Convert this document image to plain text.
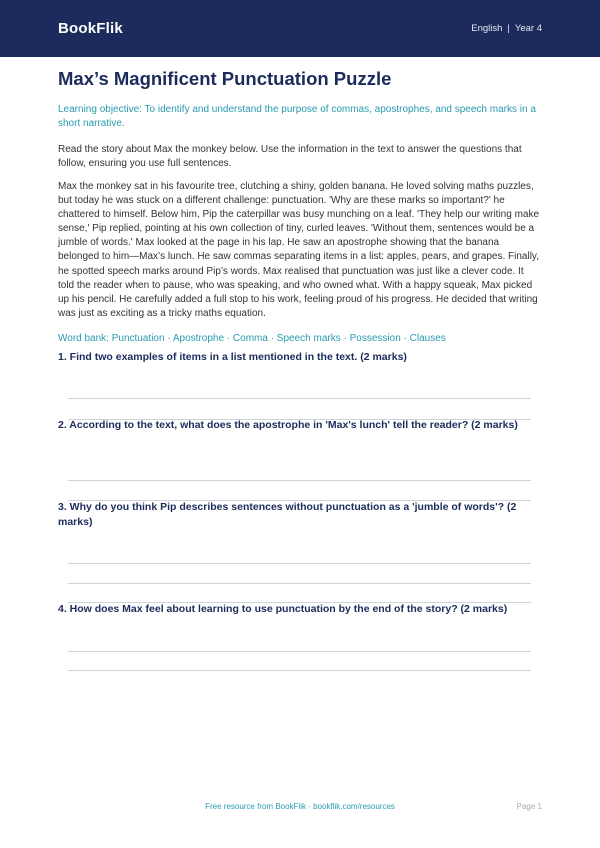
BookFlik	English | Year 4
Max’s Magnificent Punctuation Puzzle

Learning objective: To identify and understand the purpose of commas, apostrophes, and speech marks in a short narrative.

Read the story about Max the monkey below. Use the information in the text to answer the questions that follow, ensuring you use full sentences.

Max the monkey sat in his favourite tree, clutching a shiny, golden banana. He loved solving maths puzzles, but today he was stuck on a different challenge: punctuation. 'Why are these marks so important?' he chattered to himself. Below him, Pip the caterpillar was busy munching on a leaf. 'They help our writing make sense,' Pip replied, pointing at his own collection of tiny, curled leaves. 'Without them, sentences would be a jumble of words.' Max looked at the page in his lap. He saw an apostrophe showing that the banana belonged to him—Max’s lunch. He saw commas separating items in a list: apples, pears, and grapes. Finally, he spotted speech marks around Pip’s words. Max realised that punctuation was just like a clever code. It told the reader when to pause, who was speaking, and who owned what. With a happy squeak, Max picked up his pencil. He carefully added a full stop to his work, feeling proud of his progress. He decided that writing was just as exciting as a tricky maths equation.

Word bank: Punctuation · Apostrophe · Comma · Speech marks · Possession · Clauses

1. Find two examples of items in a list mentioned in the text. (2 marks)

2. According to the text, what does the apostrophe in 'Max's lunch' tell the reader? (2 marks)

3. Why do you think Pip describes sentences without punctuation as a 'jumble of words'? (2 marks)

4. How does Max feel about learning to use punctuation by the end of the story? (2 marks)

Free resource from BookFlik · bookflik.com/resources	Page 1
